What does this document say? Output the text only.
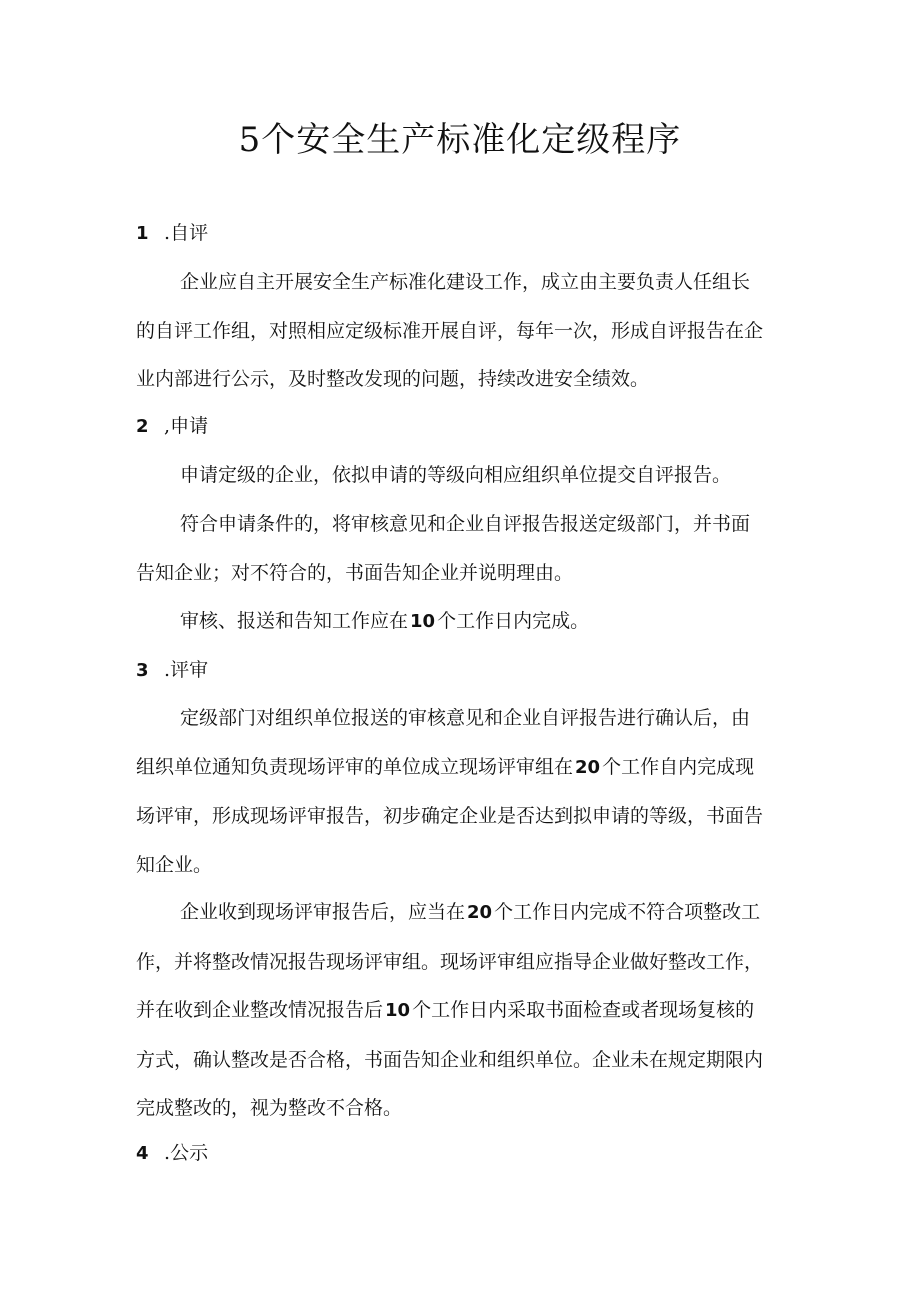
5个安全生产标准化定级程序
1 .自评
企业应自主开展安全生产标准化建设工作，成立由主要负责人任组长
的自评工作组，对照相应定级标准开展自评，每年一次，形成自评报告在企
业内部进行公示，及时整改发现的问题，持续改进安全绩效。
2 ,申请
申请定级的企业，依拟申请的等级向相应组织单位提交自评报告。
符合申请条件的，将审核意见和企业自评报告报送定级部门，并书面
告知企业；对不符合的，书面告知企业并说明理由。
审核、报送和告知工作应在 10 个工作日内完成。
3 .评审
定级部门对组织单位报送的审核意见和企业自评报告进行确认后，由
组织单位通知负责现场评审的单位成立现场评审组在 20 个工作自内完成现
场评审，形成现场评审报告，初步确定企业是否达到拟申请的等级，书面告
知企业。
企业收到现场评审报告后，应当在 20 个工作日内完成不符合项整改工
作，并将整改情况报告现场评审组。现场评审组应指导企业做好整改工作，
并在收到企业整改情况报告后 10 个工作日内采取书面检查或者现场复核的
方式，确认整改是否合格，书面告知企业和组织单位。企业未在规定期限内
完成整改的，视为整改不合格。
4 .公示
